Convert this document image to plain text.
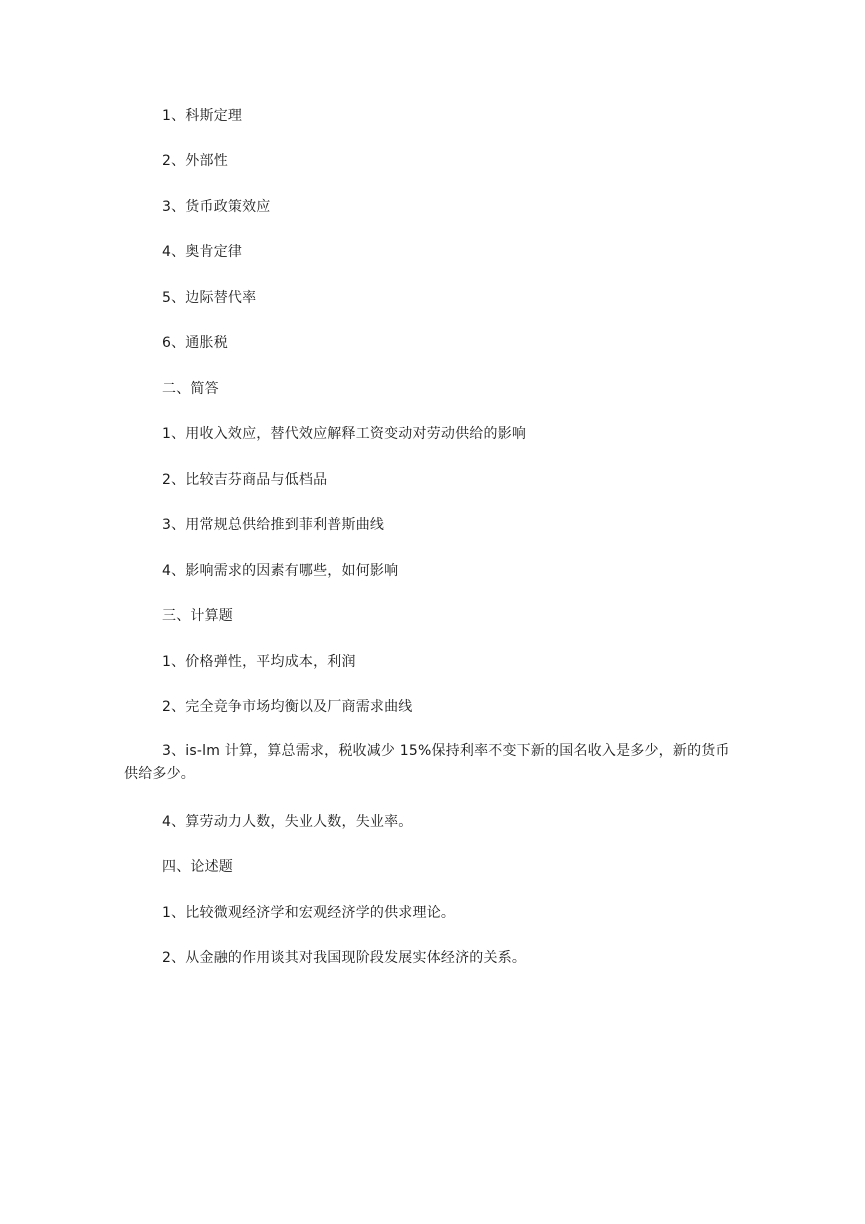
1、科斯定理
2、外部性
3、货币政策效应
4、奥肯定律
5、边际替代率
6、通胀税
二、简答
1、用收入效应，替代效应解释工资变动对劳动供给的影响
2、比较吉芬商品与低档品
3、用常规总供给推到菲利普斯曲线
4、影响需求的因素有哪些，如何影响
三、计算题
1、价格弹性，平均成本，利润
2、完全竞争市场均衡以及厂商需求曲线
3、is-lm 计算，算总需求，税收减少 15%保持利率不变下新的国名收入是多少，新的货币供给多少。
4、算劳动力人数，失业人数，失业率。
四、论述题
1、比较微观经济学和宏观经济学的供求理论。
2、从金融的作用谈其对我国现阶段发展实体经济的关系。
